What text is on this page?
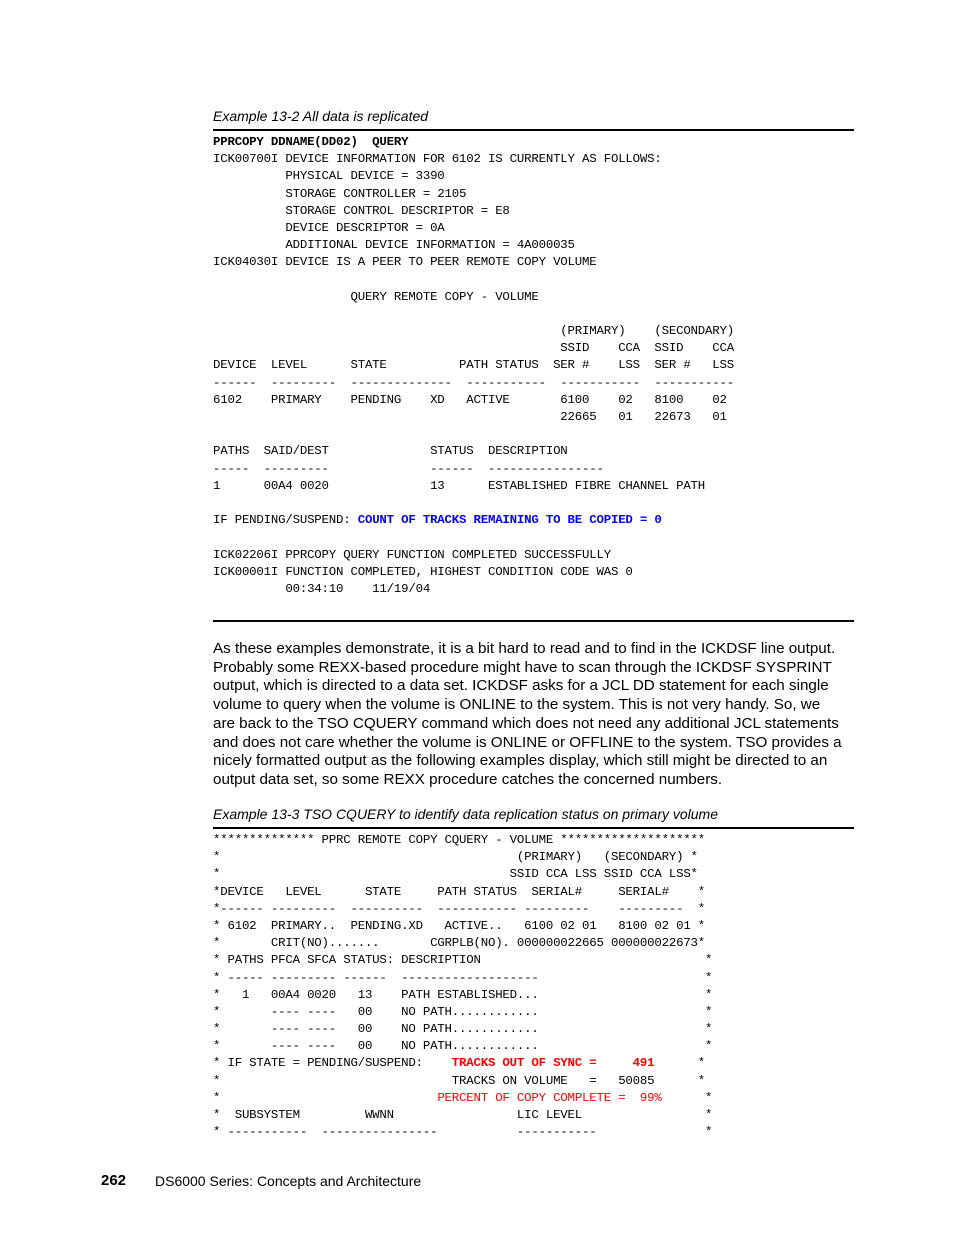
Example 13-2 All data is replicated
PPRCOPY DDNAME(DD02)  QUERY
ICK00700I DEVICE INFORMATION FOR 6102 IS CURRENTLY AS FOLLOWS:
PHYSICAL DEVICE = 3390
STORAGE CONTROLLER = 2105
STORAGE CONTROL DESCRIPTOR = E8
DEVICE DESCRIPTOR = 0A
ADDITIONAL DEVICE INFORMATION = 4A000035
ICK04030I DEVICE IS A PEER TO PEER REMOTE COPY VOLUME
QUERY REMOTE COPY - VOLUME
(PRIMARY)    (SECONDARY)
SSID    CCA  SSID    CCA
DEVICE  LEVEL      STATE          PATH STATUS  SER #    LSS  SER #   LSS
------  ---------  --------------  -----------  -----------  -----------
6102    PRIMARY    PENDING    XD   ACTIVE       6100    02   8100    02
22665   01   22673   01
PATHS  SAID/DEST              STATUS  DESCRIPTION
-----  ---------              ------  ----------------
1      00A4 0020              13      ESTABLISHED FIBRE CHANNEL PATH
IF PENDING/SUSPEND: COUNT OF TRACKS REMAINING TO BE COPIED = 0
ICK02206I PPRCOPY QUERY FUNCTION COMPLETED SUCCESSFULLY
ICK00001I FUNCTION COMPLETED, HIGHEST CONDITION CODE WAS 0
00:34:10    11/19/04
As these examples demonstrate, it is a bit hard to read and to find in the ICKDSF line output.
Probably some REXX-based procedure might have to scan through the ICKDSF SYSPRINT
output, which is directed to a data set. ICKDSF asks for a JCL DD statement for each single
volume to query when the volume is ONLINE to the system. This is not very handy. So, we
are back to the TSO CQUERY command which does not need any additional JCL statements
and does not care whether the volume is ONLINE or OFFLINE to the system. TSO provides a
nicely formatted output as the following examples display, which still might be directed to an
output data set, so some REXX procedure catches the concerned numbers.
Example 13-3 TSO CQUERY to identify data replication status on primary volume
************** PPRC REMOTE COPY CQUERY - VOLUME ********************
*                                         (PRIMARY)   (SECONDARY) *
*                                        SSID CCA LSS SSID CCA LSS*
*DEVICE   LEVEL      STATE     PATH STATUS  SERIAL#     SERIAL#    *
*------ ---------  ----------  ----------- ---------    ---------  *
* 6102  PRIMARY..  PENDING.XD   ACTIVE..   6100 02 01   8100 02 01 *
*       CRIT(NO).......       CGRPLB(NO). 000000022665 000000022673*
* PATHS PFCA SFCA STATUS: DESCRIPTION                               *
* ----- --------- ------  -------------------                       *
*   1   00A4 0020   13    PATH ESTABLISHED...                       *
*       ---- ----   00    NO PATH............                       *
*       ---- ----   00    NO PATH............                       *
*       ---- ----   00    NO PATH............                       *
* IF STATE = PENDING/SUSPEND:    TRACKS OUT OF SYNC =     491      *
*                                TRACKS ON VOLUME   =   50085      *
*                              PERCENT OF COPY COMPLETE =  99%      *
*  SUBSYSTEM         WWNN                 LIC LEVEL                 *
* -----------  ----------------           -----------               *
262 DS6000 Series: Concepts and Architecture
